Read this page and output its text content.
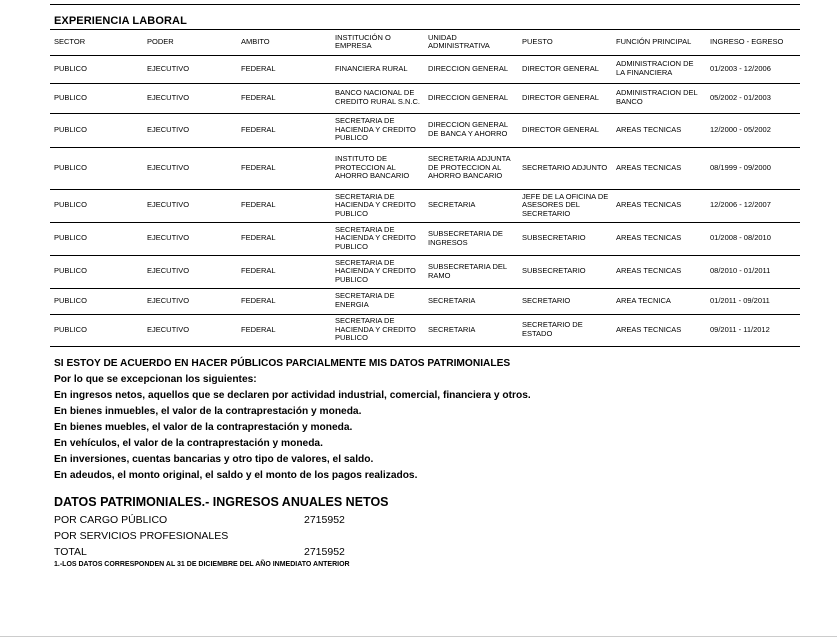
EXPERIENCIA LABORAL
SECTOR	PODER	AMBITO	INSTITUCIÓN O EMPRESA	UNIDAD ADMINISTRATIVA	PUESTO	FUNCIÓN PRINCIPAL	INGRESO - EGRESO
PUBLICO	EJECUTIVO	FEDERAL	FINANCIERA RURAL	DIRECCION GENERAL	DIRECTOR GENERAL	ADMINISTRACION DE LA FINANCIERA	01/2003 - 12/2006
PUBLICO	EJECUTIVO	FEDERAL	BANCO NACIONAL DE CREDITO RURAL S.N.C.	DIRECCION GENERAL	DIRECTOR GENERAL	ADMINISTRACION DEL BANCO	05/2002 - 01/2003
PUBLICO	EJECUTIVO	FEDERAL	SECRETARIA DE HACIENDA Y CREDITO PUBLICO	DIRECCION GENERAL DE BANCA Y AHORRO	DIRECTOR GENERAL	AREAS TECNICAS	12/2000 - 05/2002
PUBLICO	EJECUTIVO	FEDERAL	INSTITUTO DE PROTECCION AL AHORRO BANCARIO	SECRETARIA ADJUNTA DE PROTECCION AL AHORRO BANCARIO	SECRETARIO ADJUNTO	AREAS TECNICAS	08/1999 - 09/2000
PUBLICO	EJECUTIVO	FEDERAL	SECRETARIA DE HACIENDA Y CREDITO PUBLICO	SECRETARIA	JEFE DE LA OFICINA DE ASESORES DEL SECRETARIO	AREAS TECNICAS	12/2006 - 12/2007
PUBLICO	EJECUTIVO	FEDERAL	SECRETARIA DE HACIENDA Y CREDITO PUBLICO	SUBSECRETARIA DE INGRESOS	SUBSECRETARIO	AREAS TECNICAS	01/2008 - 08/2010
PUBLICO	EJECUTIVO	FEDERAL	SECRETARIA DE HACIENDA Y CREDITO PUBLICO	SUBSECRETARIA DEL RAMO	SUBSECRETARIO	AREAS TECNICAS	08/2010 - 01/2011
PUBLICO	EJECUTIVO	FEDERAL	SECRETARIA DE ENERGIA	SECRETARIA	SECRETARIO	AREA TECNICA	01/2011 - 09/2011
PUBLICO	EJECUTIVO	FEDERAL	SECRETARIA DE HACIENDA Y CREDITO PUBLICO	SECRETARIA	SECRETARIO DE ESTADO	AREAS TECNICAS	09/2011 - 11/2012
SI ESTOY DE ACUERDO EN HACER PÚBLICOS PARCIALMENTE MIS DATOS PATRIMONIALES
Por lo que se excepcionan los siguientes:
En ingresos netos, aquellos que se declaren por actividad industrial, comercial, financiera y otros.
En bienes inmuebles, el valor de la contraprestación y moneda.
En bienes muebles, el valor de la contraprestación y moneda.
En vehículos, el valor de la contraprestación y moneda.
En inversiones, cuentas bancarias y otro tipo de valores, el saldo.
En adeudos, el monto original, el saldo y el monto de los pagos realizados.
DATOS PATRIMONIALES.- INGRESOS ANUALES NETOS
POR CARGO PÚBLICO	2715952
POR SERVICIOS PROFESIONALES
TOTAL	2715952
1.-LOS DATOS CORRESPONDEN AL 31 DE DICIEMBRE DEL AÑO INMEDIATO ANTERIOR
